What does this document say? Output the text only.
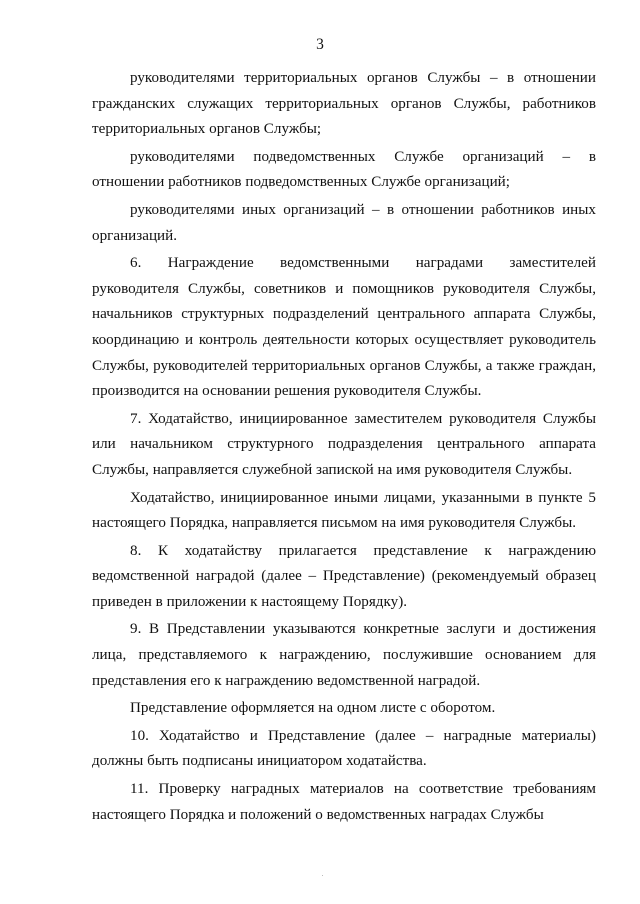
3

руководителями территориальных органов Службы – в отношении гражданских служащих территориальных органов Службы, работников территориальных органов Службы;

руководителями подведомственных Службе организаций – в отношении работников подведомственных Службе организаций;

руководителями иных организаций – в отношении работников иных организаций.

6. Награждение ведомственными наградами заместителей руководителя Службы, советников и помощников руководителя Службы, начальников структурных подразделений центрального аппарата Службы, координацию и контроль деятельности которых осуществляет руководитель Службы, руководителей территориальных органов Службы, а также граждан, производится на основании решения руководителя Службы.

7. Ходатайство, инициированное заместителем руководителя Службы или начальником структурного подразделения центрального аппарата Службы, направляется служебной запиской на имя руководителя Службы.

Ходатайство, инициированное иными лицами, указанными в пункте 5 настоящего Порядка, направляется письмом на имя руководителя Службы.

8. К ходатайству прилагается представление к награждению ведомственной наградой (далее – Представление) (рекомендуемый образец приведен в приложении к настоящему Порядку).

9. В Представлении указываются конкретные заслуги и достижения лица, представляемого к награждению, послужившие основанием для представления его к награждению ведомственной наградой.

Представление оформляется на одном листе с оборотом.

10. Ходатайство и Представление (далее – наградные материалы) должны быть подписаны инициатором ходатайства.

11. Проверку наградных материалов на соответствие требованиям настоящего Порядка и положений о ведомственных наградах Службы
